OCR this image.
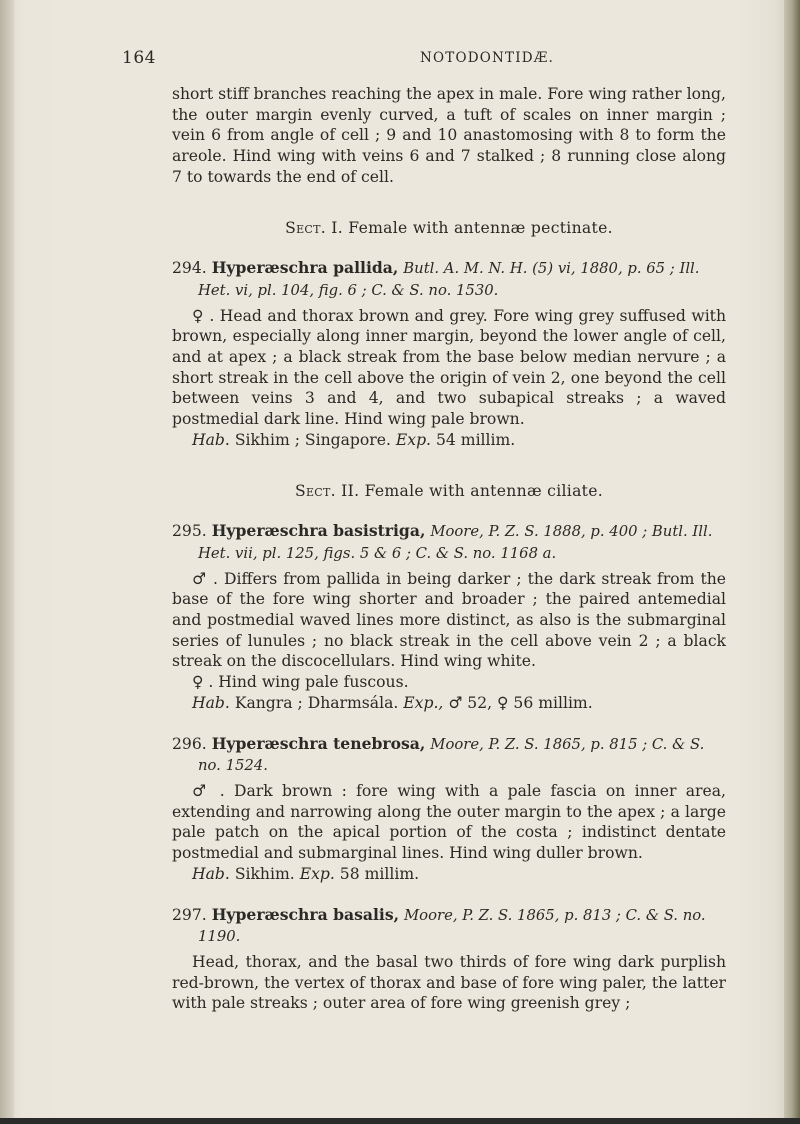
164	NOTODONTIDÆ.

short stiff branches reaching the apex in male. Fore wing rather long, the outer margin evenly curved, a tuft of scales on inner margin ; vein 6 from angle of cell ; 9 and 10 anastomosing with 8 to form the areole. Hind wing with veins 6 and 7 stalked ; 8 running close along 7 to towards the end of cell.

Sect. I. Female with antennæ pectinate.

294. Hyperæschra pallida, Butl. A. M. N. H. (5) vi, 1880, p. 65 ; Ill. Het. vi, pl. 104, fig. 6 ; C. & S. no. 1530.

♀ . Head and thorax brown and grey. Fore wing grey suffused with brown, especially along inner margin, beyond the lower angle of cell, and at apex ; a black streak from the base below median nervure ; a short streak in the cell above the origin of vein 2, one beyond the cell between veins 3 and 4, and two subapical streaks ; a waved postmedial dark line. Hind wing pale brown.

Hab. Sikhim ; Singapore. Exp. 54 millim.

Sect. II. Female with antennæ ciliate.

295. Hyperæschra basistriga, Moore, P. Z. S. 1888, p. 400 ; Butl. Ill. Het. vii, pl. 125, figs. 5 & 6 ; C. & S. no. 1168 a.

♂ . Differs from pallida in being darker ; the dark streak from the base of the fore wing shorter and broader ; the paired antemedial and postmedial waved lines more distinct, as also is the submarginal series of lunules ; no black streak in the cell above vein 2 ; a black streak on the discocellulars. Hind wing white.

♀ . Hind wing pale fuscous.

Hab. Kangra ; Dharmsála. Exp., ♂ 52, ♀ 56 millim.

296. Hyperæschra tenebrosa, Moore, P. Z. S. 1865, p. 815 ; C. & S. no. 1524.

♂ . Dark brown : fore wing with a pale fascia on inner area, extending and narrowing along the outer margin to the apex ; a large pale patch on the apical portion of the costa ; indistinct dentate postmedial and submarginal lines. Hind wing duller brown.

Hab. Sikhim. Exp. 58 millim.

297. Hyperæschra basalis, Moore, P. Z. S. 1865, p. 813 ; C. & S. no. 1190.

Head, thorax, and the basal two thirds of fore wing dark purplish red-brown, the vertex of thorax and base of fore wing paler, the latter with pale streaks ; outer area of fore wing greenish grey ;
